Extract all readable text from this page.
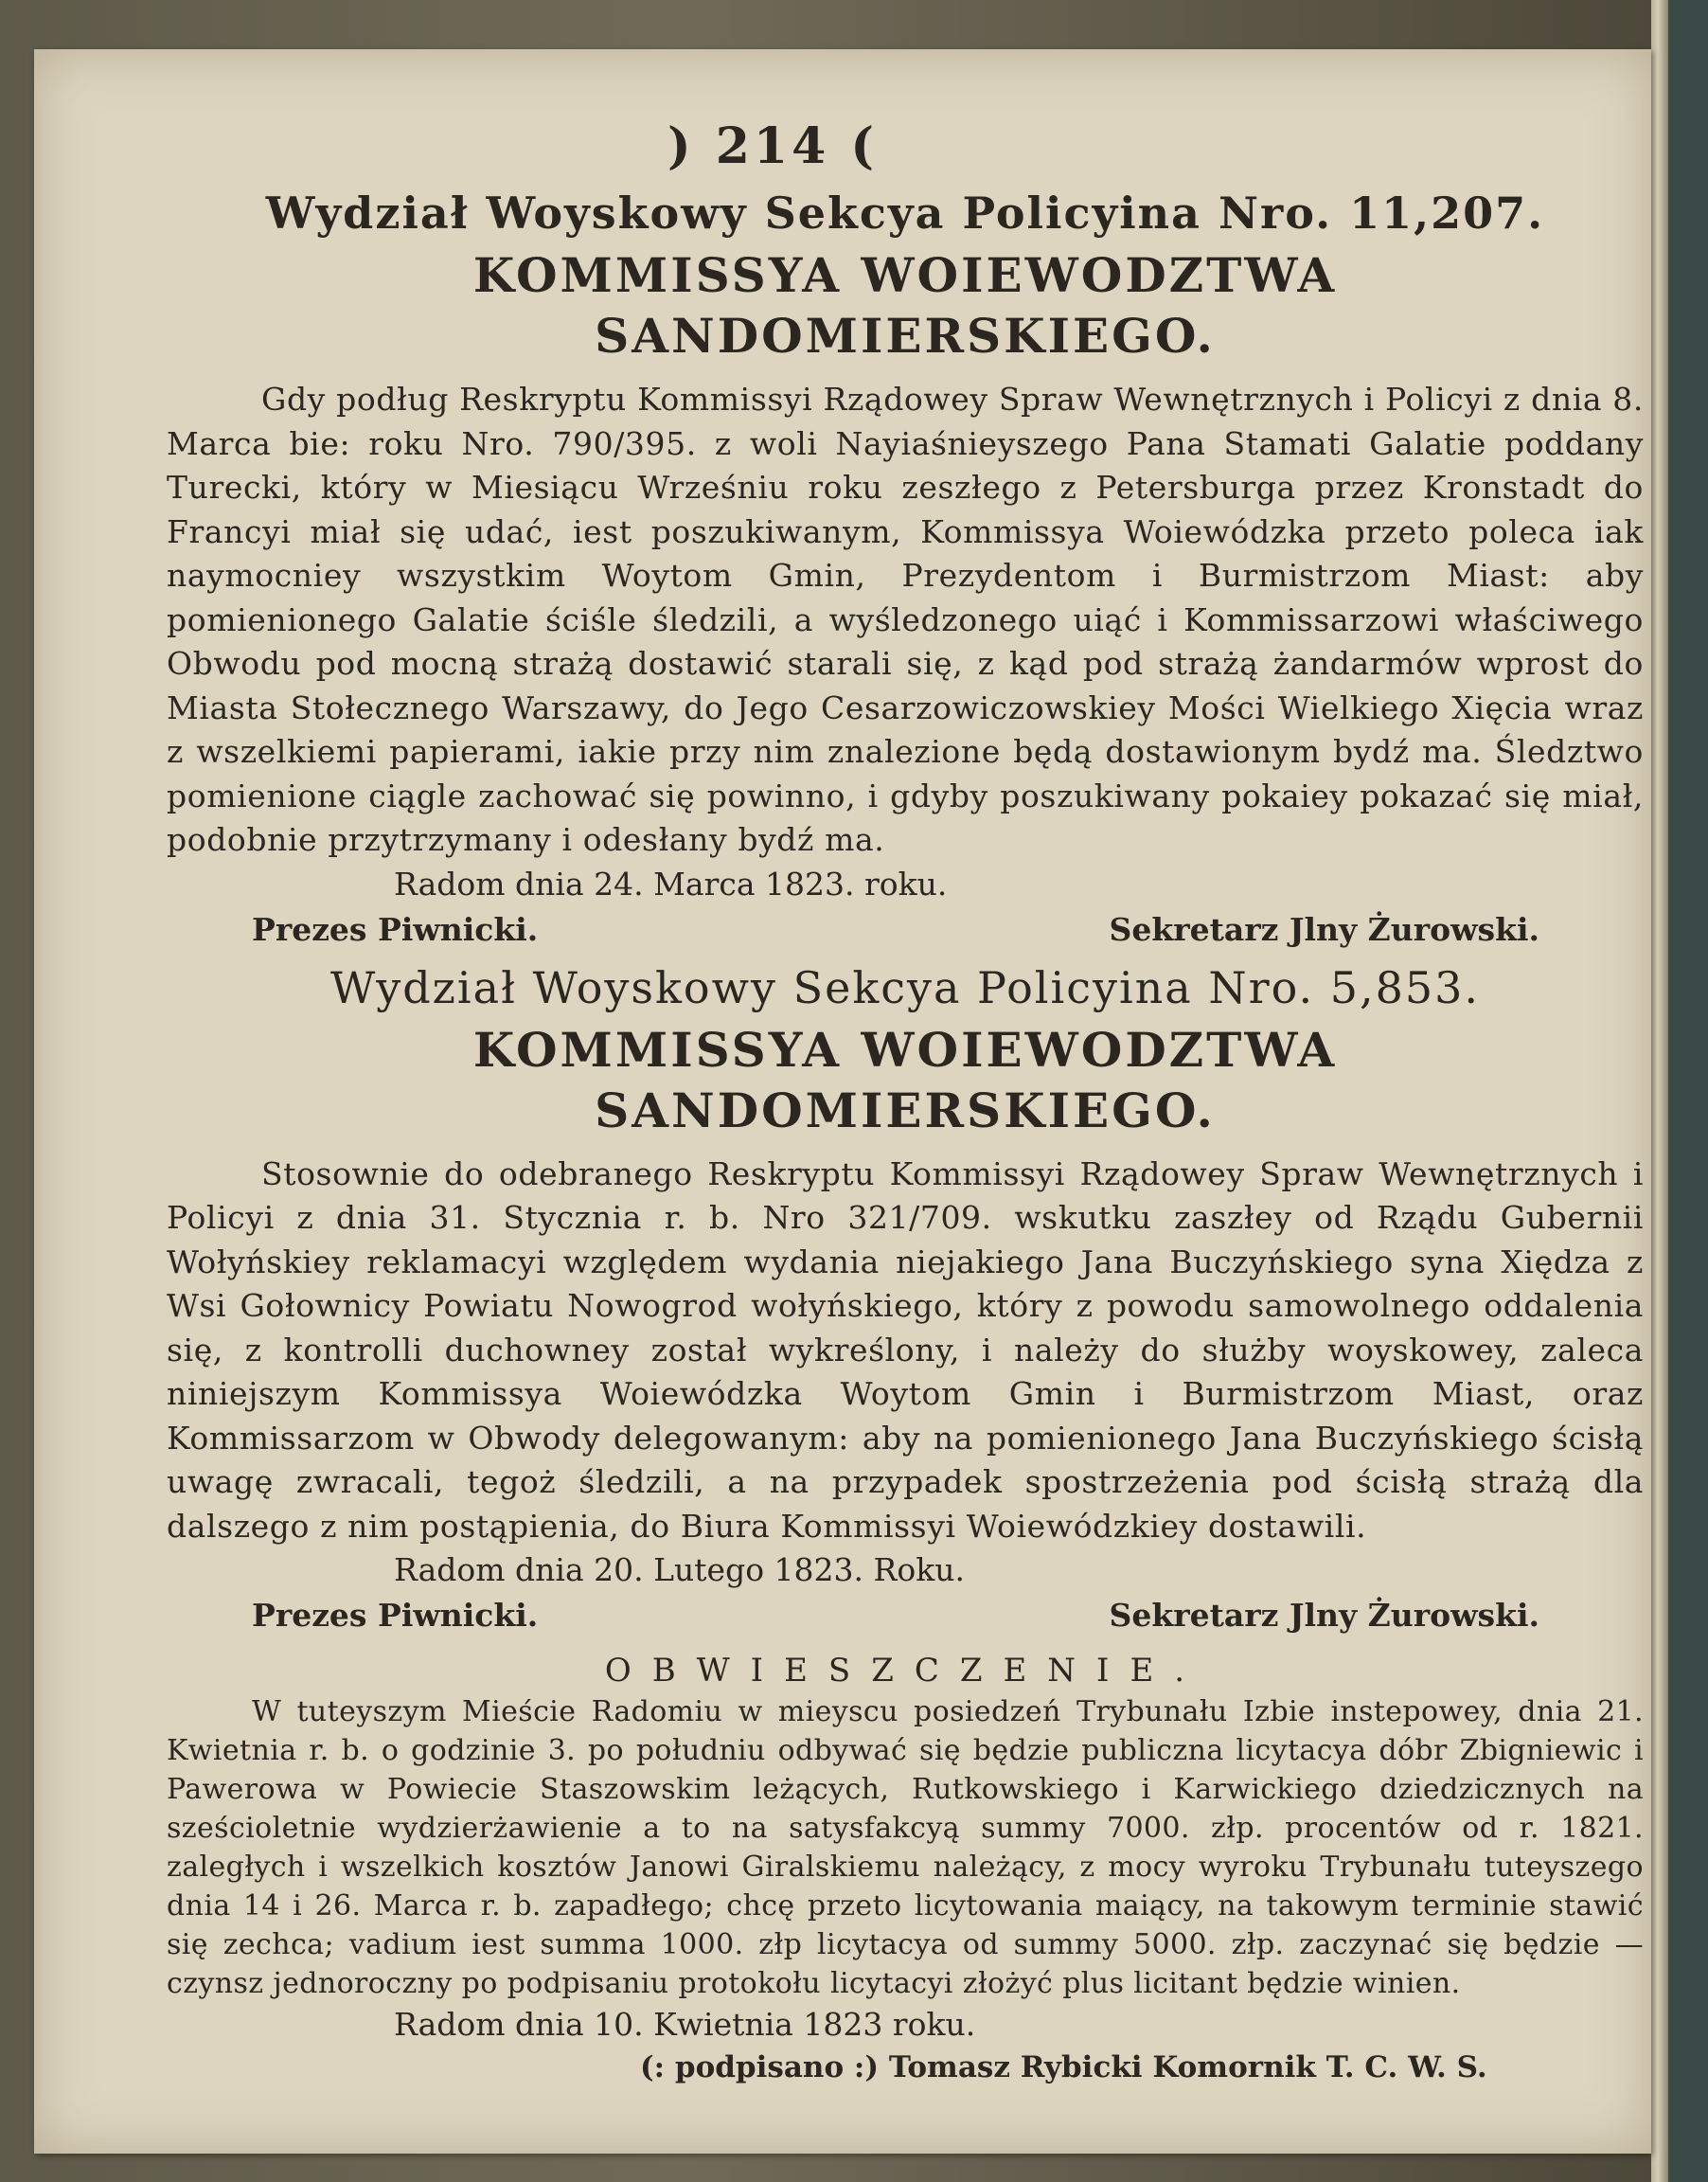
) 214 (
Wydział Woyskowy Sekcya Policyina Nro. 11,207.
KOMMISSYA WOIEWODZTWA SANDOMIERSKIEGO.

Gdy podług Reskryptu Kommissyi Rządowey Spraw Wewnętrznych i Policyi z dnia 8. Marca bie: roku Nro. 790/395. z woli Nayiaśnieyszego Pana Stamati Galatie poddany Turecki, który w Miesiącu Wrześniu roku zeszłego z Petersburga przez Kronstadt do Francyi miał się udać, iest poszukiwanym, Kommissya Woiewódzka przeto poleca iak naymocniey wszystkim Woytom Gmin, Prezydentom i Burmistrzom Miast: aby pomienionego Galatie ściśle śledzili, a wyśledzonego uiąć i Kommissarzowi właściwego Obwodu pod mocną strażą dostawić starali się, z kąd pod strażą żandarmów wprost do Miasta Stołecznego Warszawy, do Jego Cesarzowiczowskiey Mości Wielkiego Xięcia wraz z wszelkiemi papierami, iakie przy nim znalezione będą dostawionym bydź ma. Śledztwo pomienione ciągle zachować się powinno, i gdyby poszukiwany pokaiey pokazać się miał, podobnie przytrzymany i odesłany bydź ma.

Radom dnia 24. Marca 1823. roku.

Prezes Piwnicki.	Sekretarz Jlny Żurowski.
Wydział Woyskowy Sekcya Policyina Nro. 5,853.
KOMMISSYA WOIEWODZTWA SANDOMIERSKIEGO.

Stosownie do odebranego Reskryptu Kommissyi Rządowey Spraw Wewnętrznych i Policyi z dnia 31. Stycznia r. b. Nro 321/709. wskutku zaszłey od Rządu Gubernii Wołyńskiey reklamacyi względem wydania niejakiego Jana Buczyńskiego syna Xiędza z Wsi Gołownicy Powiatu Nowogrod wołyńskiego, który z powodu samowolnego oddalenia się, z kontrolli duchowney został wykreślony, i należy do służby woyskowey, zaleca niniejszym Kommissya Woiewódzka Woytom Gmin i Burmistrzom Miast, oraz Kommissarzom w Obwody delegowanym: aby na pomienionego Jana Buczyńskiego ścisłą uwagę zwracali, tegoż śledzili, a na przypadek spostrzeżenia pod ścisłą strażą dla dalszego z nim postąpienia, do Biura Kommissyi Woiewódzkiey dostawili.

Radom dnia 20. Lutego 1823. Roku.

Prezes Piwnicki.	Sekretarz Jlny Żurowski.
OBWIESZCZENIE.

W tuteyszym Mieście Radomiu w mieyscu posiedzeń Trybunału Izbie instepowey, dnia 21. Kwietnia r. b. o godzinie 3. po południu odbywać się będzie publiczna licytacya dóbr Zbigniewic i Pawerowa w Powiecie Staszowskim leżących, Rutkowskiego i Karwickiego dziedzicznych na sześcioletnie wydzierżawienie a to na satysfakcyą summy 7000. złp. procentów od r. 1821. zaległych i wszelkich kosztów Janowi Giralskiemu należący, z mocy wyroku Trybunału tuteyszego dnia 14 i 26. Marca r. b. zapadłego; chcę przeto licytowania maiący, na takowym terminie stawić się zechca; vadium iest summa 1000. złp licytacya od summy 5000. złp. zaczynać się będzie — czynsz jednoroczny po podpisaniu protokołu licytacyi złożyć plus licitant będzie winien.

Radom dnia 10. Kwietnia 1823 roku.

(: podpisano :) Tomasz Rybicki Komornik T. C. W. S.
